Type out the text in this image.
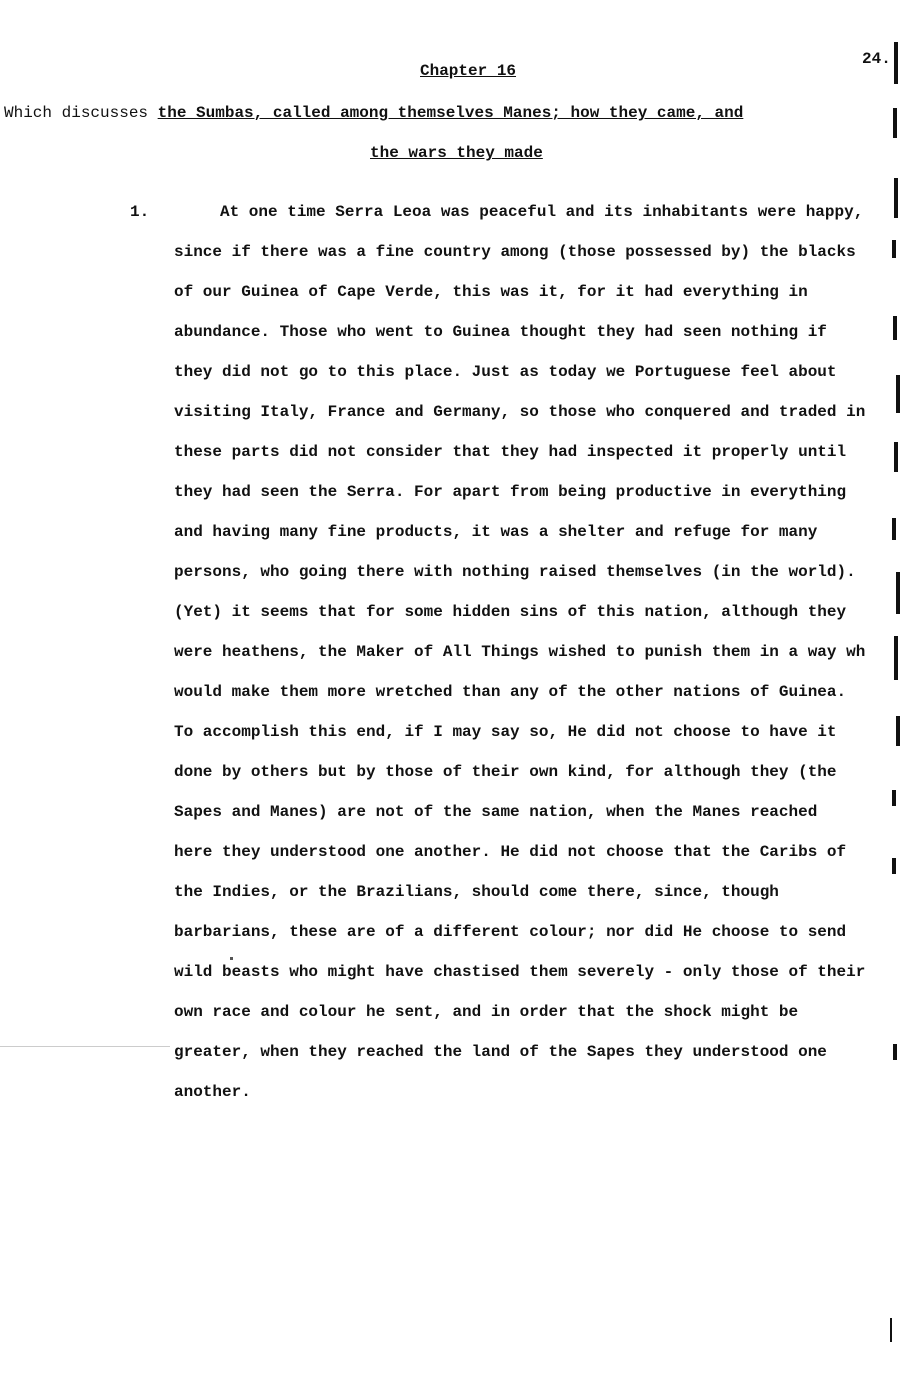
24.
Chapter 16
Which discusses the Sumbas, called among themselves Manes; how they came, and
the wars they made
1.	At one time Serra Leoa was peaceful and its inhabitants were happy,
since if there was a fine country among (those possessed by) the blacks
of our Guinea of Cape Verde, this was it, for it had everything in
abundance. Those who went to Guinea thought they had seen nothing if
they did not go to this place. Just as today we Portuguese feel about
visiting Italy, France and Germany, so those who conquered and traded in
these parts did not consider that they had inspected it properly until
they had seen the Serra. For apart from being productive in everything
and having many fine products, it was a shelter and refuge for many
persons, who going there with nothing raised themselves (in the world).
(Yet) it seems that for some hidden sins of this nation, although they
were heathens, the Maker of All Things wished to punish them in a way wh
would make them more wretched than any of the other nations of Guinea.
To accomplish this end, if I may say so, He did not choose to have it
done by others but by those of their own kind, for although they (the
Sapes and Manes) are not of the same nation, when the Manes reached
here they understood one another. He did not choose that the Caribs of
the Indies, or the Brazilians, should come there, since, though
barbarians, these are of a different colour; nor did He choose to send
wild beasts who might have chastised them severely - only those of their
own race and colour he sent, and in order that the shock might be
greater, when they reached the land of the Sapes they understood one
another.
